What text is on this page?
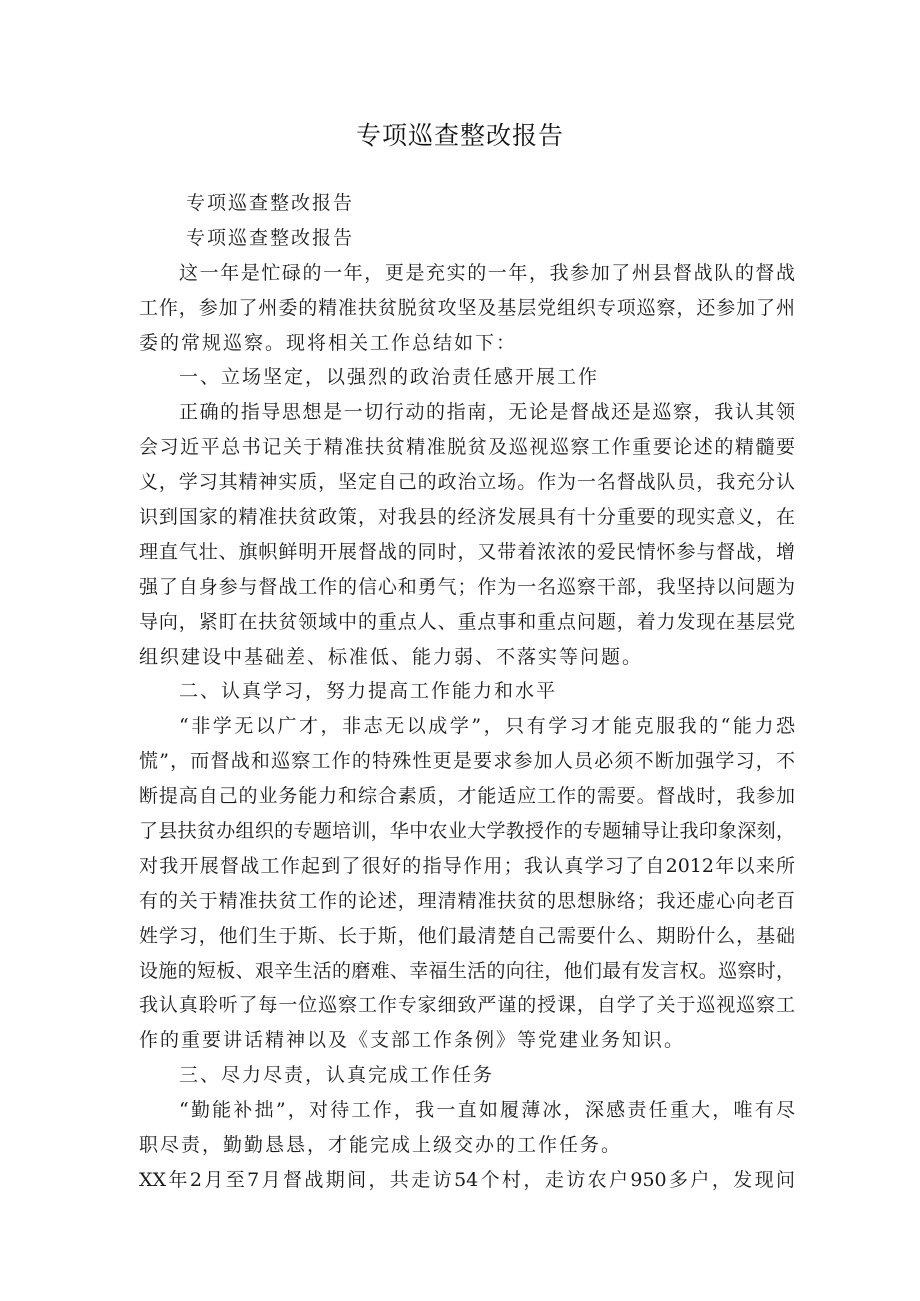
专项巡查整改报告
专项巡查整改报告
专项巡查整改报告
这一年是忙碌的一年，更是充实的一年，我参加了州县督战队的督战
工作，参加了州委的精准扶贫脱贫攻坚及基层党组织专项巡察，还参加了州
委的常规巡察。现将相关工作总结如下：
一、立场坚定，以强烈的政治责任感开展工作
正确的指导思想是一切行动的指南，无论是督战还是巡察，我认其领
会习近平总书记关于精准扶贫精准脱贫及巡视巡察工作重要论述的精髓要
义，学习其精神实质，坚定自己的政治立场。作为一名督战队员，我充分认
识到国家的精准扶贫政策，对我县的经济发展具有十分重要的现实意义，在
理直气壮、旗帜鲜明开展督战的同时，又带着浓浓的爱民情怀参与督战，增
强了自身参与督战工作的信心和勇气；作为一名巡察干部，我坚持以问题为
导向，紧盯在扶贫领域中的重点人、重点事和重点问题，着力发现在基层党
组织建设中基础差、标准低、能力弱、不落实等问题。
二、认真学习，努力提高工作能力和水平
“非学无以广才，非志无以成学”，只有学习才能克服我的“能力恐
慌”，而督战和巡察工作的特殊性更是要求参加人员必须不断加强学习，不
断提高自己的业务能力和综合素质，才能适应工作的需要。督战时，我参加
了县扶贫办组织的专题培训，华中农业大学教授作的专题辅导让我印象深刻，
对我开展督战工作起到了很好的指导作用；我认真学习了自2012年以来所
有的关于精准扶贫工作的论述，理清精准扶贫的思想脉络；我还虚心向老百
姓学习，他们生于斯、长于斯，他们最清楚自己需要什么、期盼什么，基础
设施的短板、艰辛生活的磨难、幸福生活的向往，他们最有发言权。巡察时，
我认真聆听了每一位巡察工作专家细致严谨的授课，自学了关于巡视巡察工
作的重要讲话精神以及《支部工作条例》等党建业务知识。
三、尽力尽责，认真完成工作任务
“勤能补拙”，对待工作，我一直如履薄冰，深感责任重大，唯有尽
职尽责，勤勤恳恳，才能完成上级交办的工作任务。
XX年2月至7月督战期间，共走访54个村，走访农户950多户，发现问
